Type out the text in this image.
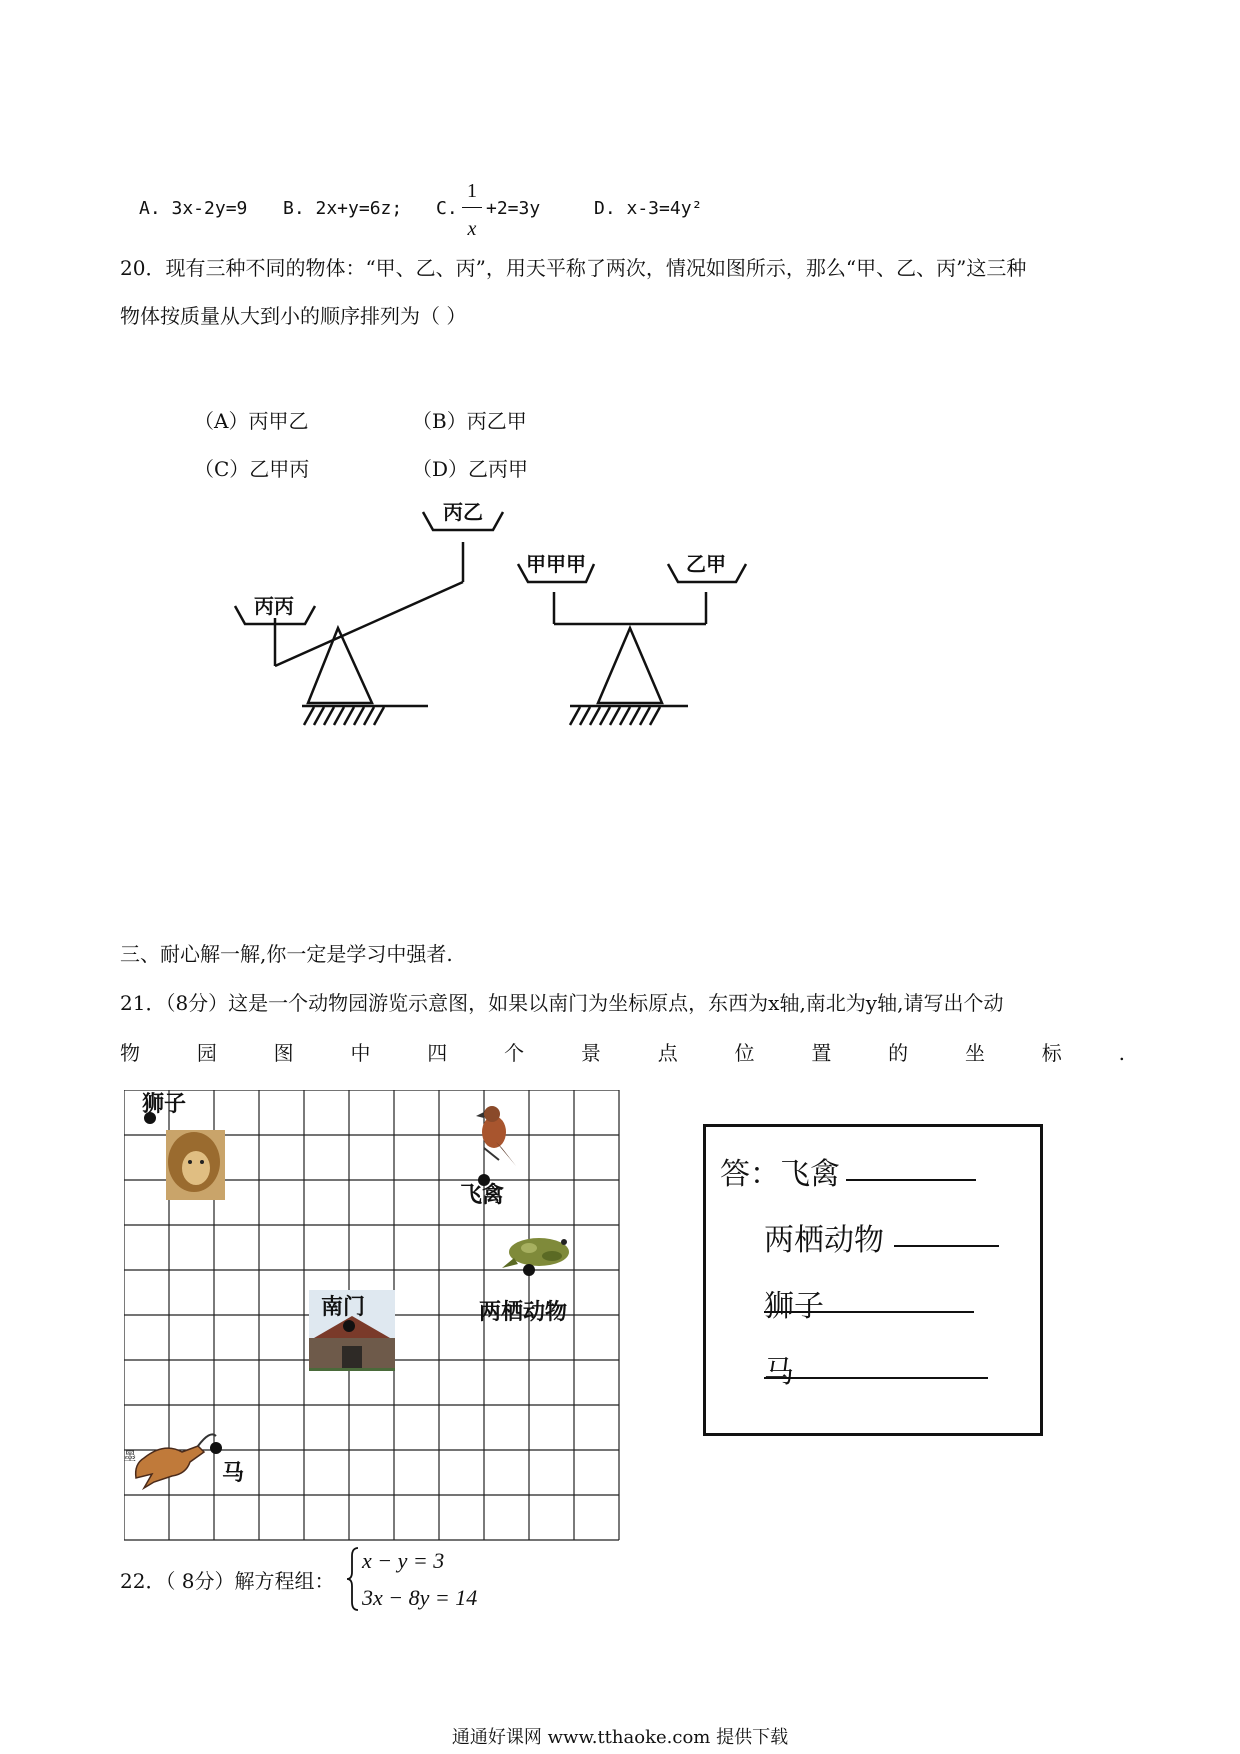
A. 3x-2y=9 B. 2x+y=6z; C.
1
x
+2=3y	D. x-3=4y²
20．现有三种不同的物体：“甲、乙、丙”，用天平称了两次，情况如图所示，那么“甲、乙、丙”这三种
物体按质量从大到小的顺序排列为（ ）
（A）丙甲乙	（B）丙乙甲
（C）乙甲丙	（D）乙丙甲
丙丙
丙乙
甲甲甲	乙甲
三、耐心解一解,你一定是学习中强者.
21．（8分）这是一个动物园游览示意图，如果以南门为坐标原点，东西为x轴,南北为y轴,请写出个动
物	园	图	中	四	个	景	点	位	置	的	坐	标	.
墨
狮子
飞禽
两栖动物
南门
马
答： 飞禽
两栖动物
狮子
马
22．（ 8分）解方程组：
x − y = 3
3x − 8y = 14
通通好课网 www.tthaoke.com 提供下载
